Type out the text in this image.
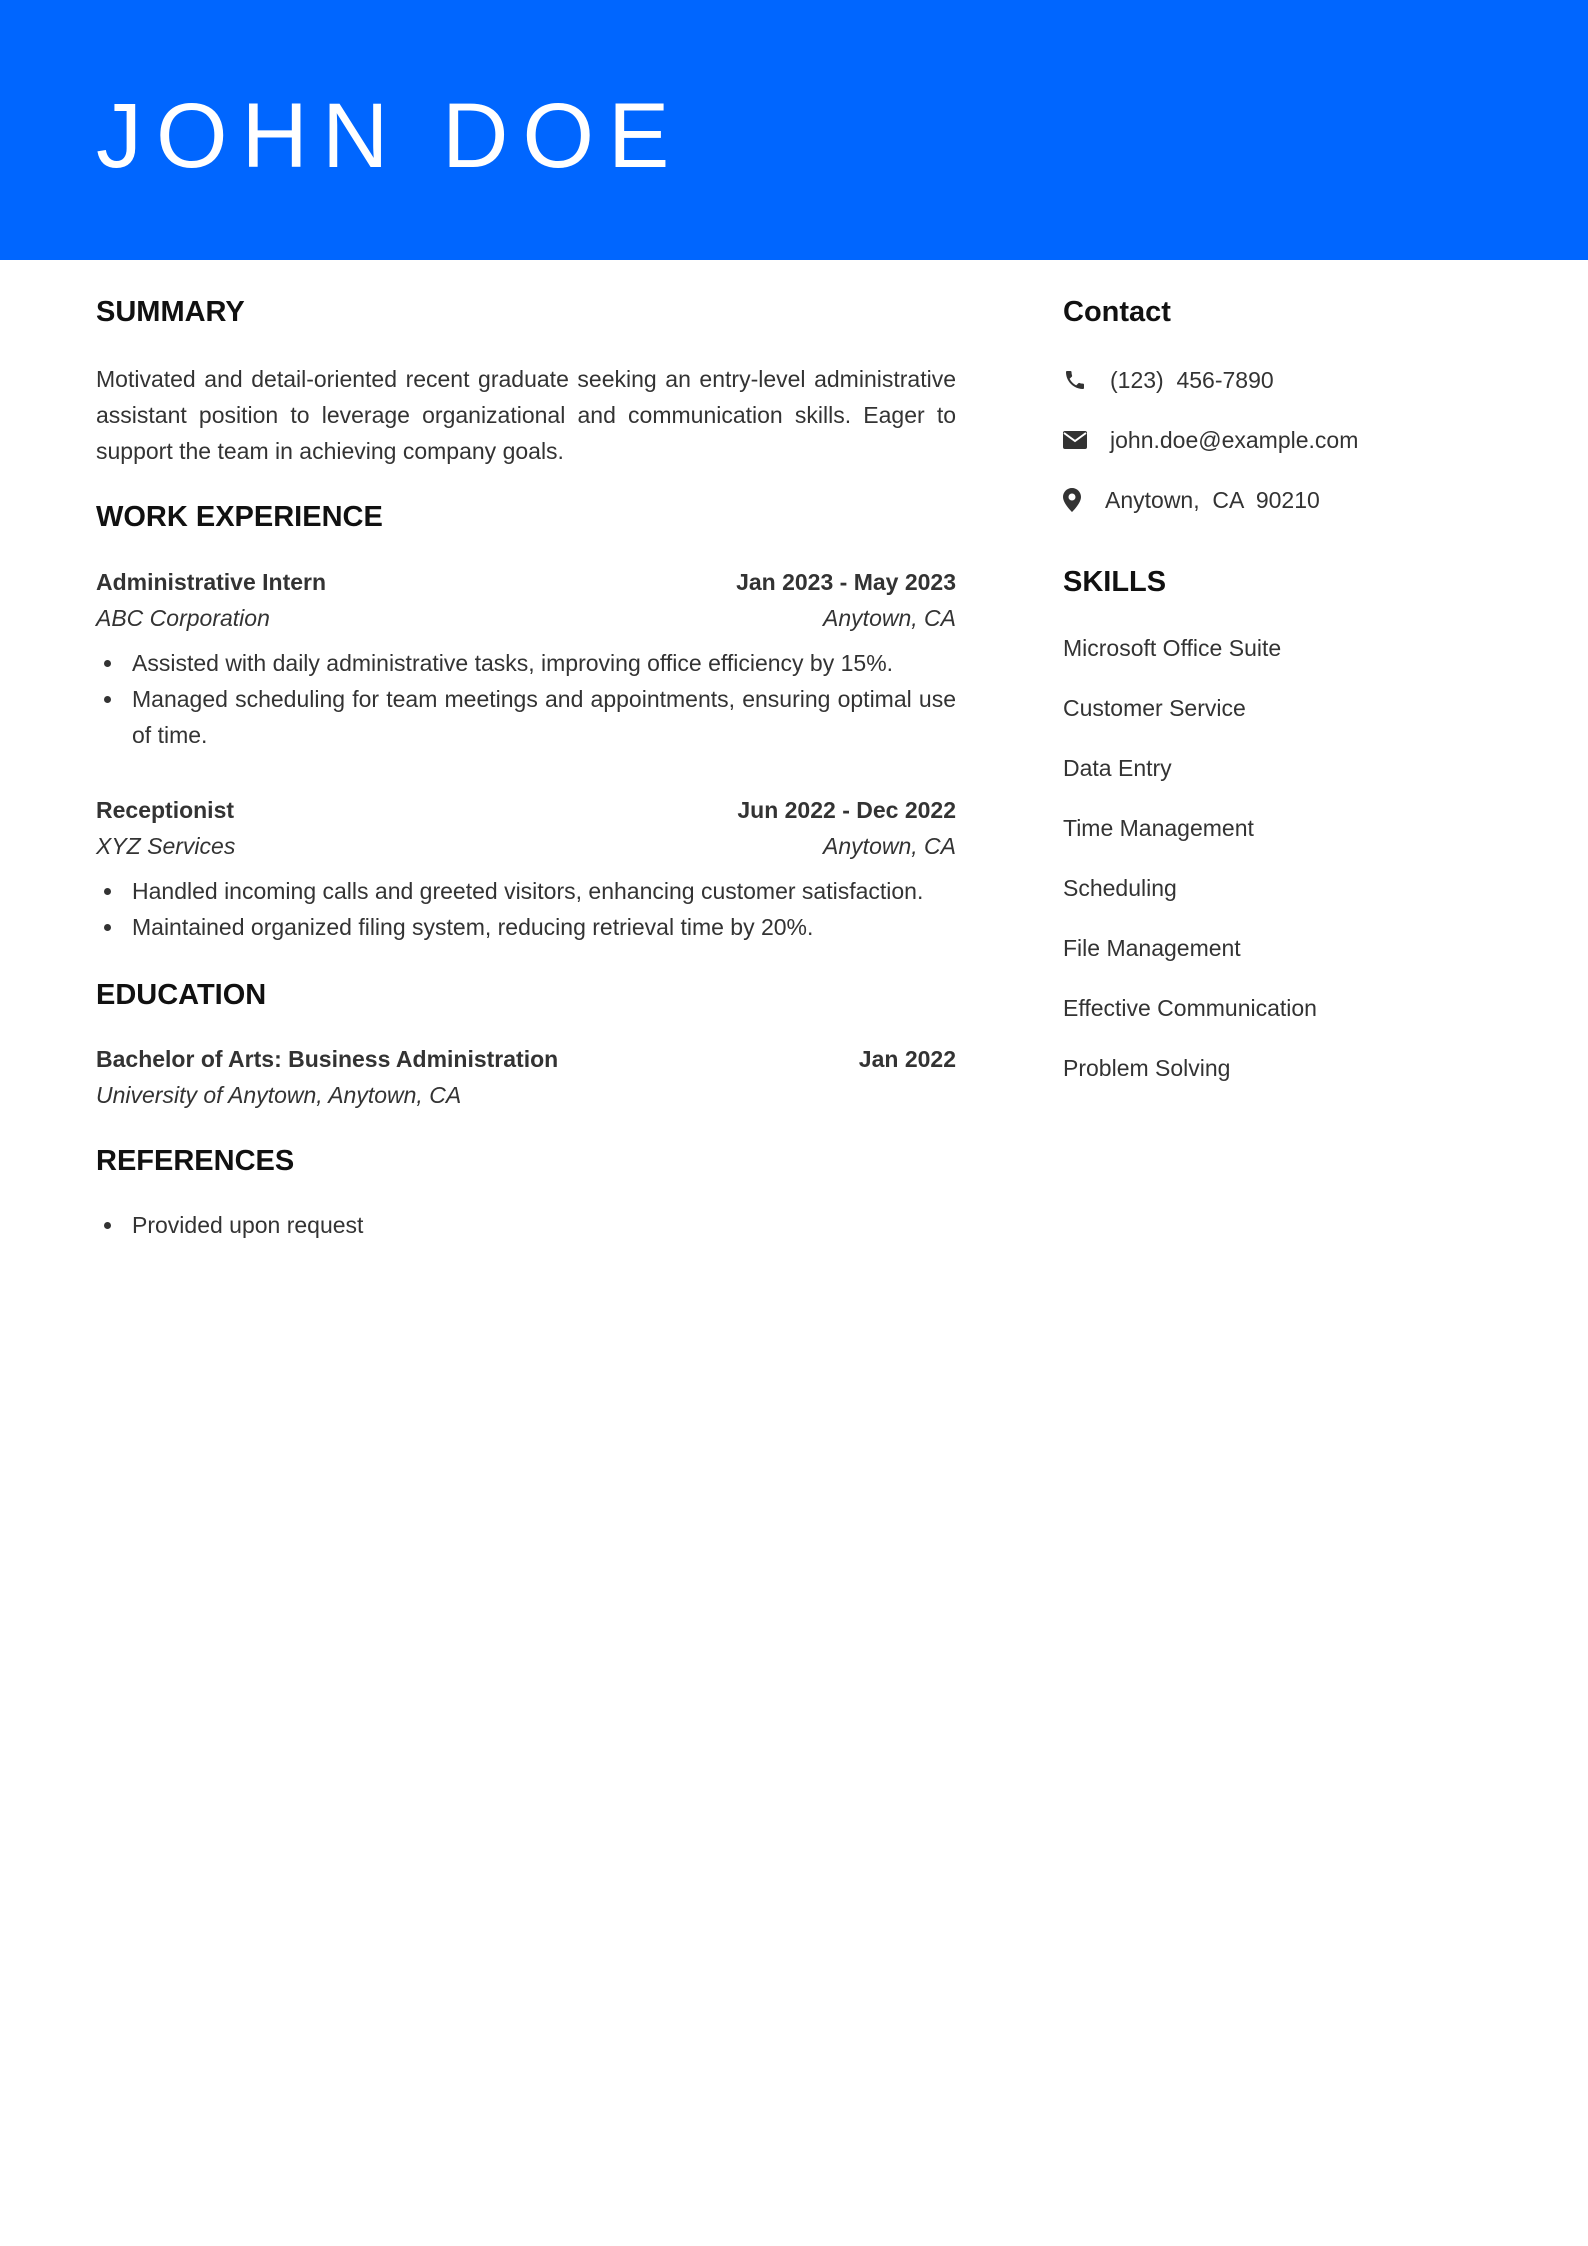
JOHN DOE
SUMMARY

Motivated and detail-oriented recent graduate seeking an entry-level administrative assistant position to leverage organizational and communication skills. Eager to support the team in achieving company goals.

WORK EXPERIENCE
Administrative Intern	Jan 2023 - May 2023
ABC Corporation	Anytown, CA
Assisted with daily administrative tasks, improving office efficiency by 15%.
Managed scheduling for team meetings and appointments, ensuring optimal use of time.
Receptionist	Jun 2022 - Dec 2022
XYZ Services	Anytown, CA
Handled incoming calls and greeted visitors, enhancing customer satisfaction.
Maintained organized filing system, reducing retrieval time by 20%.
EDUCATION
Bachelor of Arts: Business Administration	Jan 2022
University of Anytown, Anytown, CA
REFERENCES
Provided upon request
Contact
(123)  456-7890
john.doe@example.com
Anytown,  CA  90210
SKILLS
Microsoft Office Suite
Customer Service
Data Entry
Time Management
Scheduling
File Management
Effective Communication
Problem Solving
